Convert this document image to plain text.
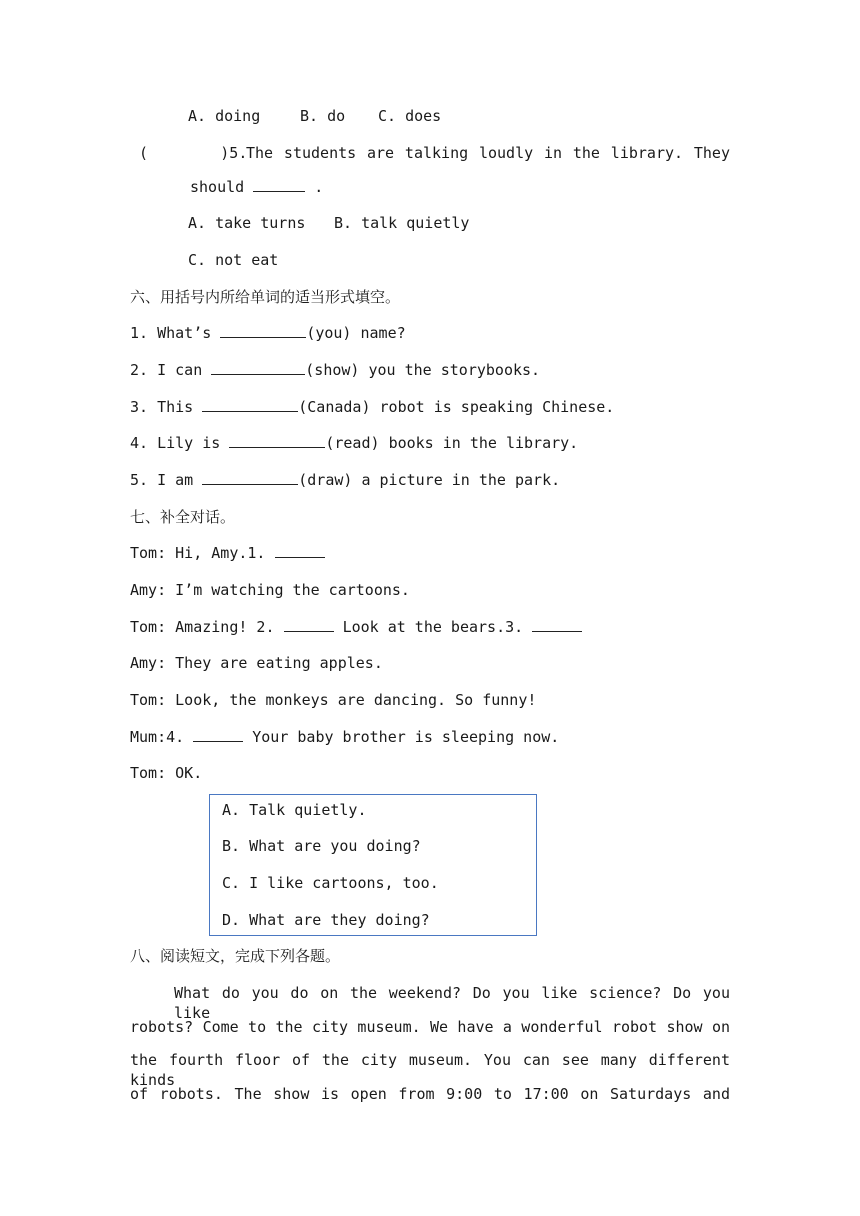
A. doing	B. do C. does
(        )5.
The students are talking loudly in the library. They
should	.
A. take turns B. talk quietly
C. not eat
六、用括号内所给单词的适当形式填空。
1. What’s	(you) name?
2. I can	(show) you the storybooks.
3. This	(Canada) robot is speaking Chinese.
4. Lily is	(read) books in the library.
5. I am	(draw) a picture in the park.
七、补全对话。
Tom: Hi, Amy.1.
Amy: I’m watching the cartoons.
Tom: Amazing! 2.	Look at the bears.3.
Amy: They are eating apples.
Tom: Look, the monkeys are dancing. So funny!
Mum:4.	Your baby brother is sleeping now.
Tom: OK.
A. Talk quietly.
B. What are you doing?
C. I like cartoons, too.
D. What are they doing?
八、阅读短文，完成下列各题。
What do you do on the weekend? Do you like science? Do you like
robots? Come to the city museum. We have a wonderful robot show on
the fourth floor of the city museum. You can see many different kinds
of robots. The show is open from 9:00 to 17:00 on Saturdays and
